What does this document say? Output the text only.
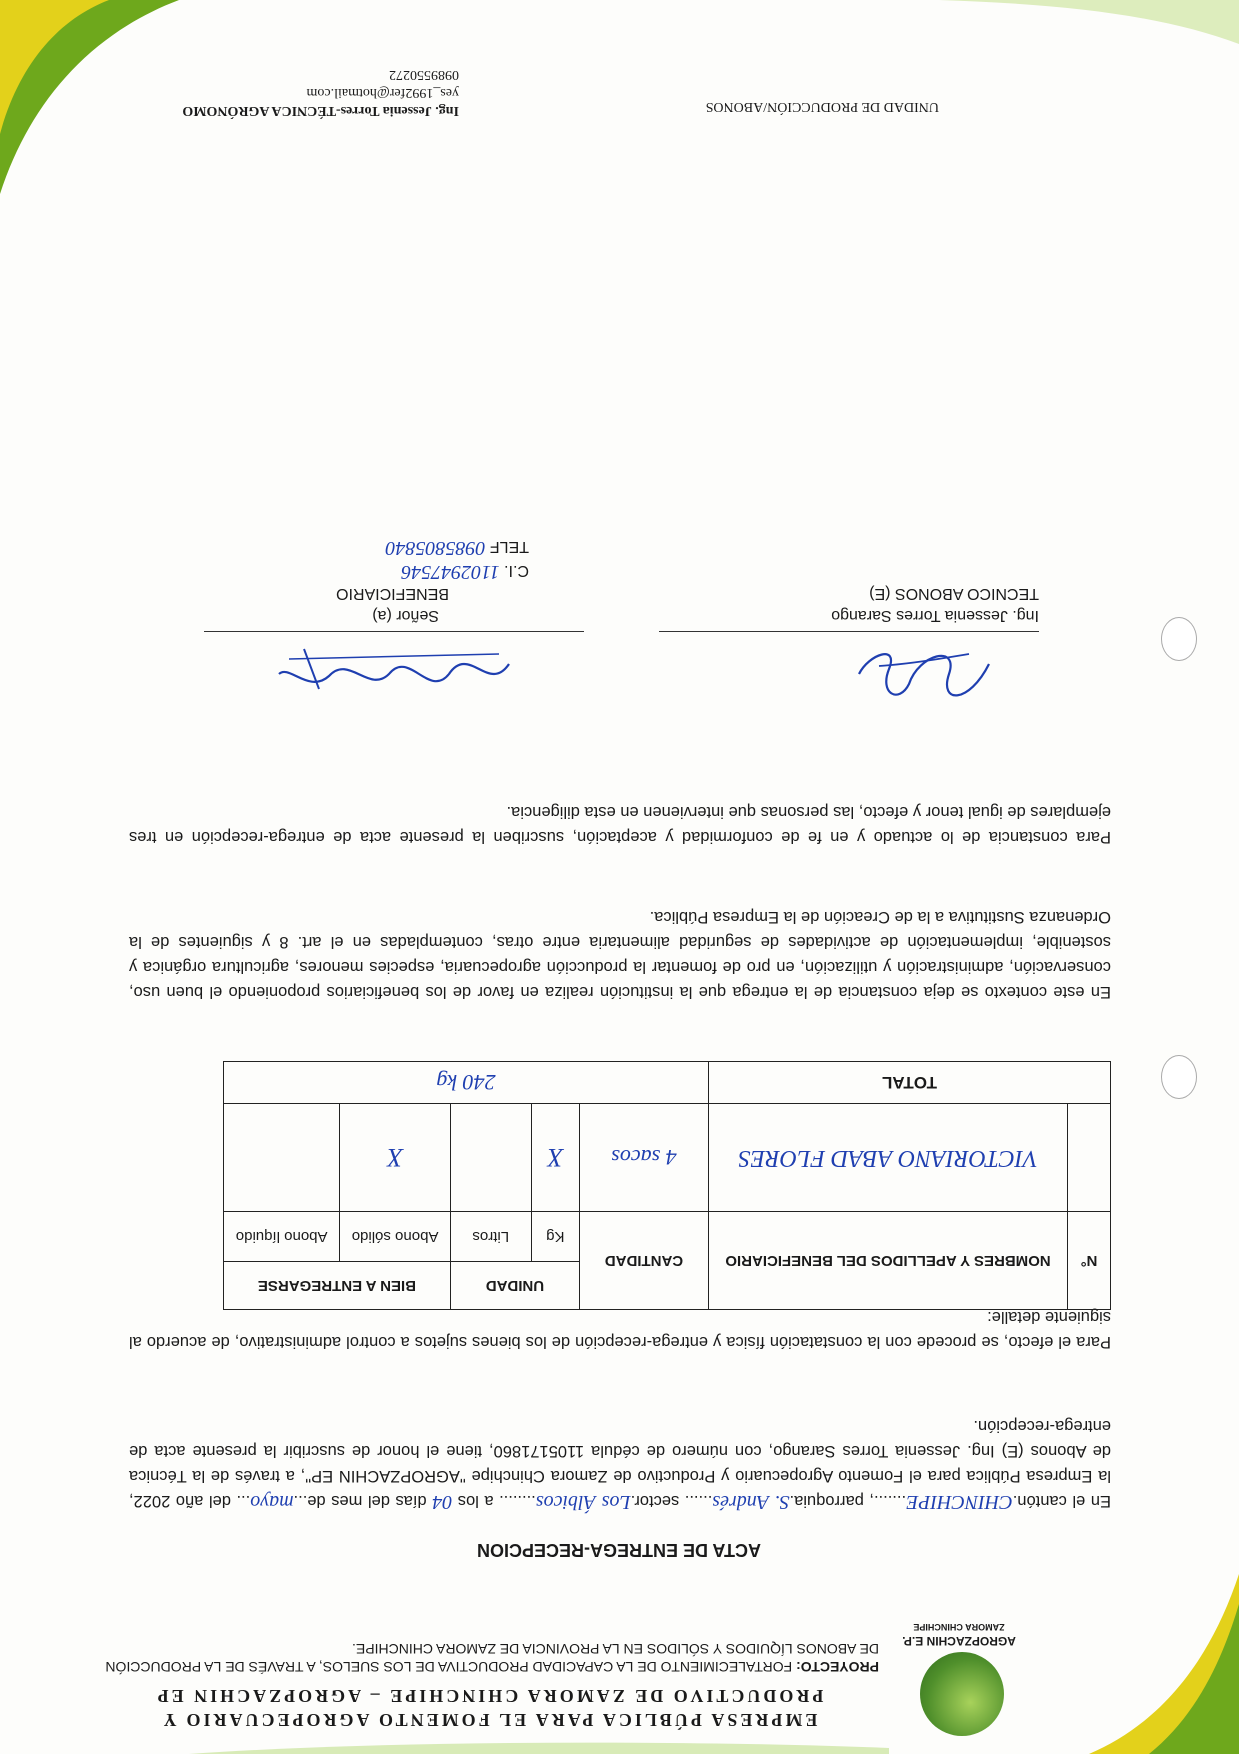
AGROPZACHIN E.P.
ZAMORA CHINCHIPE
EMPRESA PÚBLICA PARA EL FOMENTO AGROPECUARIO Y
PRODUCTIVO DE ZAMORA CHINCHIPE – AGROPZACHIN EP
PROYECTO: FORTALECIMIENTO DE LA CAPACIDAD PRODUCTIVA DE LOS SUELOS, A TRAVÉS DE LA PRODUCCIÓN DE ABONOS LÍQUIDOS Y SÓLIDOS EN LA PROVINCIA DE ZAMORA CHINCHIPE.
ACTA DE ENTREGA-RECEPCION
En el cantón.CHINCHIPE......., parroquia.S. Andrés...... sector.Los Álbicos........ a los 04 días del mes de...mayo... del año 2022, la Empresa Pública para el Fomento Agropecuario y Productivo de Zamora Chinchipe "AGROPZACHIN EP", a través de la Técnica de Abonos (E) Ing. Jessenia Torres Sarango, con número de cédula 1105171860, tiene el honor de suscribir la presente acta de entrega-recepción.
Para el efecto, se procede con la constatación física y entrega-recepción de los bienes sujetos a control administrativo, de acuerdo al siguiente detalle:
N°	NOMBRES Y APELLIDOS DEL BENEFICIARIO	CANTIDAD	UNIDAD		BIEN A ENTREGARSE	
			Kg	Litros	Abono sólido	Abono líquido
	VICTORIANO ABAD FLORES	4 sacos	X		X	
TOTAL		240 kg				
En este contexto se deja constancia de la entrega que la institución realiza en favor de los beneficiarios proponiendo el buen uso, conservación, administración y utilización, en pro de fomentar la producción agropecuaria, especies menores, agricultura orgánica y sostenible, implementación de actividades de seguridad alimentaria entre otras, contempladas en el art. 8 y siguientes de la Ordenanza Sustitutiva a la de Creación de la Empresa Pública.
Para constancia de lo actuado y en fe de conformidad y aceptación, suscriben la presente acta de entrega-recepción en tres ejemplares de igual tenor y efecto, las personas que intervienen en esta diligencia.
Ing. Jessenia Torres Sarango
TECNICO ABONOS (E)
Señor (a)
BENEFICIARIO
C.I. 1102947546
TELF 0985805840
UNIDAD DE PRODUCCIÓN/ABONOS
Ing. Jessenia Torres-TÉCNICA AGRÓNOMO
yes_1992fer@hotmail.com
0989550272
